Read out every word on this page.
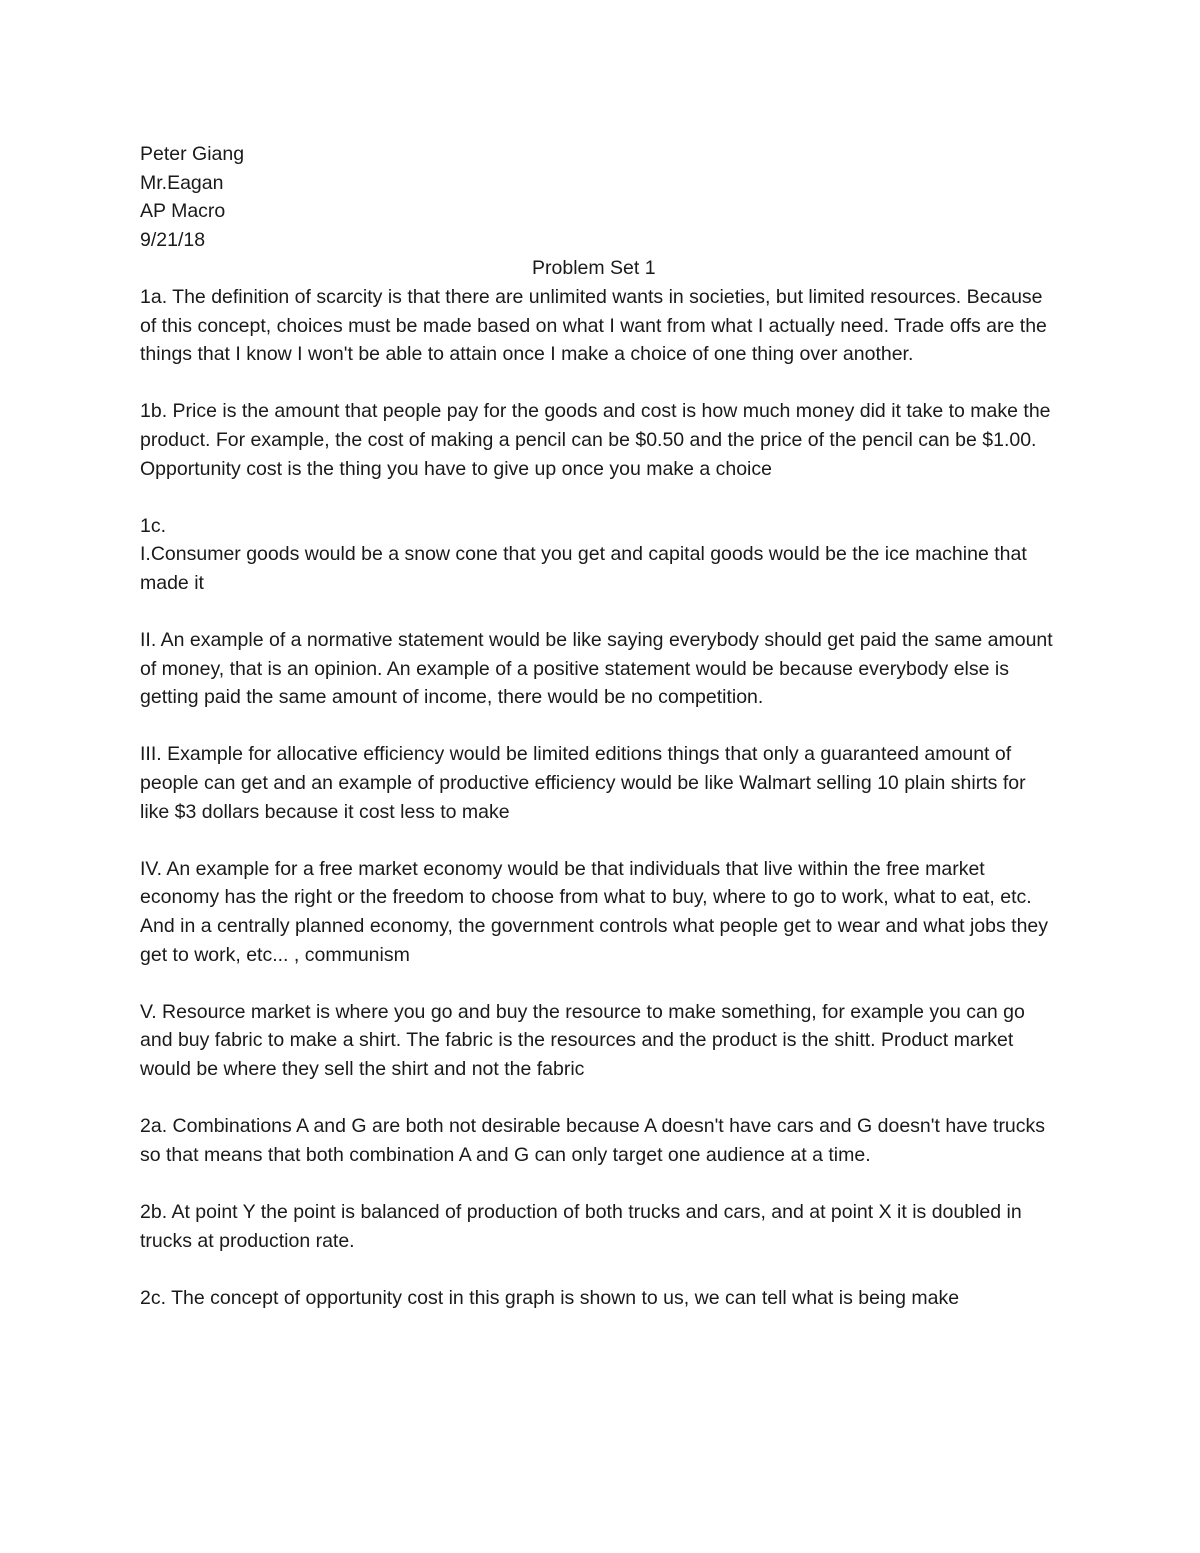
Peter Giang

Mr.Eagan

AP Macro

9/21/18

Problem Set 1

1a. The definition of scarcity is that there are unlimited wants in societies, but limited resources. Because of this concept, choices must be made based on what I want from what I actually need. Trade offs are the things that I know I won't be able to attain once I make a choice of one thing over another.

1b. Price is the amount that people pay for the goods and cost is how much money did it take to make the product. For example, the cost of making a pencil can be $0.50 and the price of the pencil can be $1.00. Opportunity cost is the thing you have to give up once you make a choice

1c.

I.Consumer goods would be a snow cone that you get and capital goods would be the ice machine that made it

II. An example of a normative statement would be like saying everybody should get paid the same amount of money, that is an opinion. An example of a positive statement would be because everybody else is getting paid the same amount of income, there would be no competition.

III. Example for allocative efficiency would be limited editions things that only a guaranteed amount of people can get and an example of productive efficiency would be like Walmart selling 10 plain shirts for like $3 dollars because it cost less to make

IV. An example for a free market economy would be that individuals that live within the free market economy has the right or the freedom to choose from what to buy, where to go to work, what to eat, etc. And in a centrally planned economy, the government controls what people get to wear and what jobs they get to work, etc... , communism

V. Resource market is where you go and buy the resource to make something, for example you can go and buy fabric to make a shirt. The fabric is the resources and the product is the shitt. Product market would be where they sell the shirt and not the fabric

2a. Combinations A and G are both not desirable because A doesn't have cars and G doesn't have trucks so that means that both combination A and G can only target one audience at a time.

2b. At point Y the point is balanced of production of both trucks and cars, and at point X it is doubled in trucks at production rate.

2c. The concept of opportunity cost in this graph is shown to us, we can tell what is being make
